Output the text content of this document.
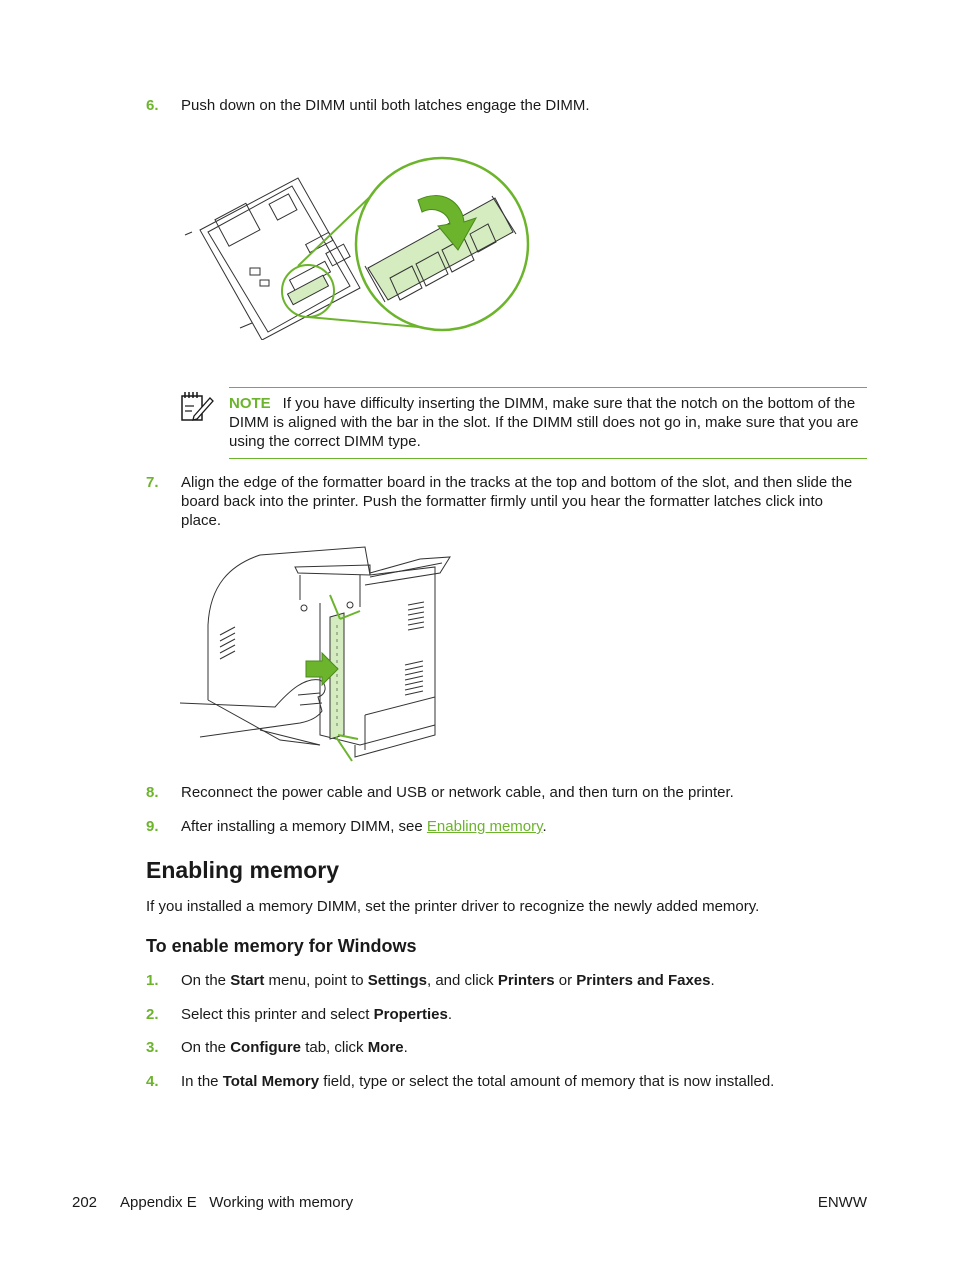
6. Push down on the DIMM until both latches engage the DIMM.
NOTE If you have difficulty inserting the DIMM, make sure that the notch on the bottom of the DIMM is aligned with the bar in the slot. If the DIMM still does not go in, make sure that you are using the correct DIMM type.
7. Align the edge of the formatter board in the tracks at the top and bottom of the slot, and then slide the board back into the printer. Push the formatter firmly until you hear the formatter latches click into place.
8. Reconnect the power cable and USB or network cable, and then turn on the printer.
9. After installing a memory DIMM, see Enabling memory.
Enabling memory
If you installed a memory DIMM, set the printer driver to recognize the newly added memory.
To enable memory for Windows
1. On the Start menu, point to Settings, and click Printers or Printers and Faxes.
2. Select this printer and select Properties.
3. On the Configure tab, click More.
4. In the Total Memory field, type or select the total amount of memory that is now installed.
202 Appendix E   Working with memory	ENWW
